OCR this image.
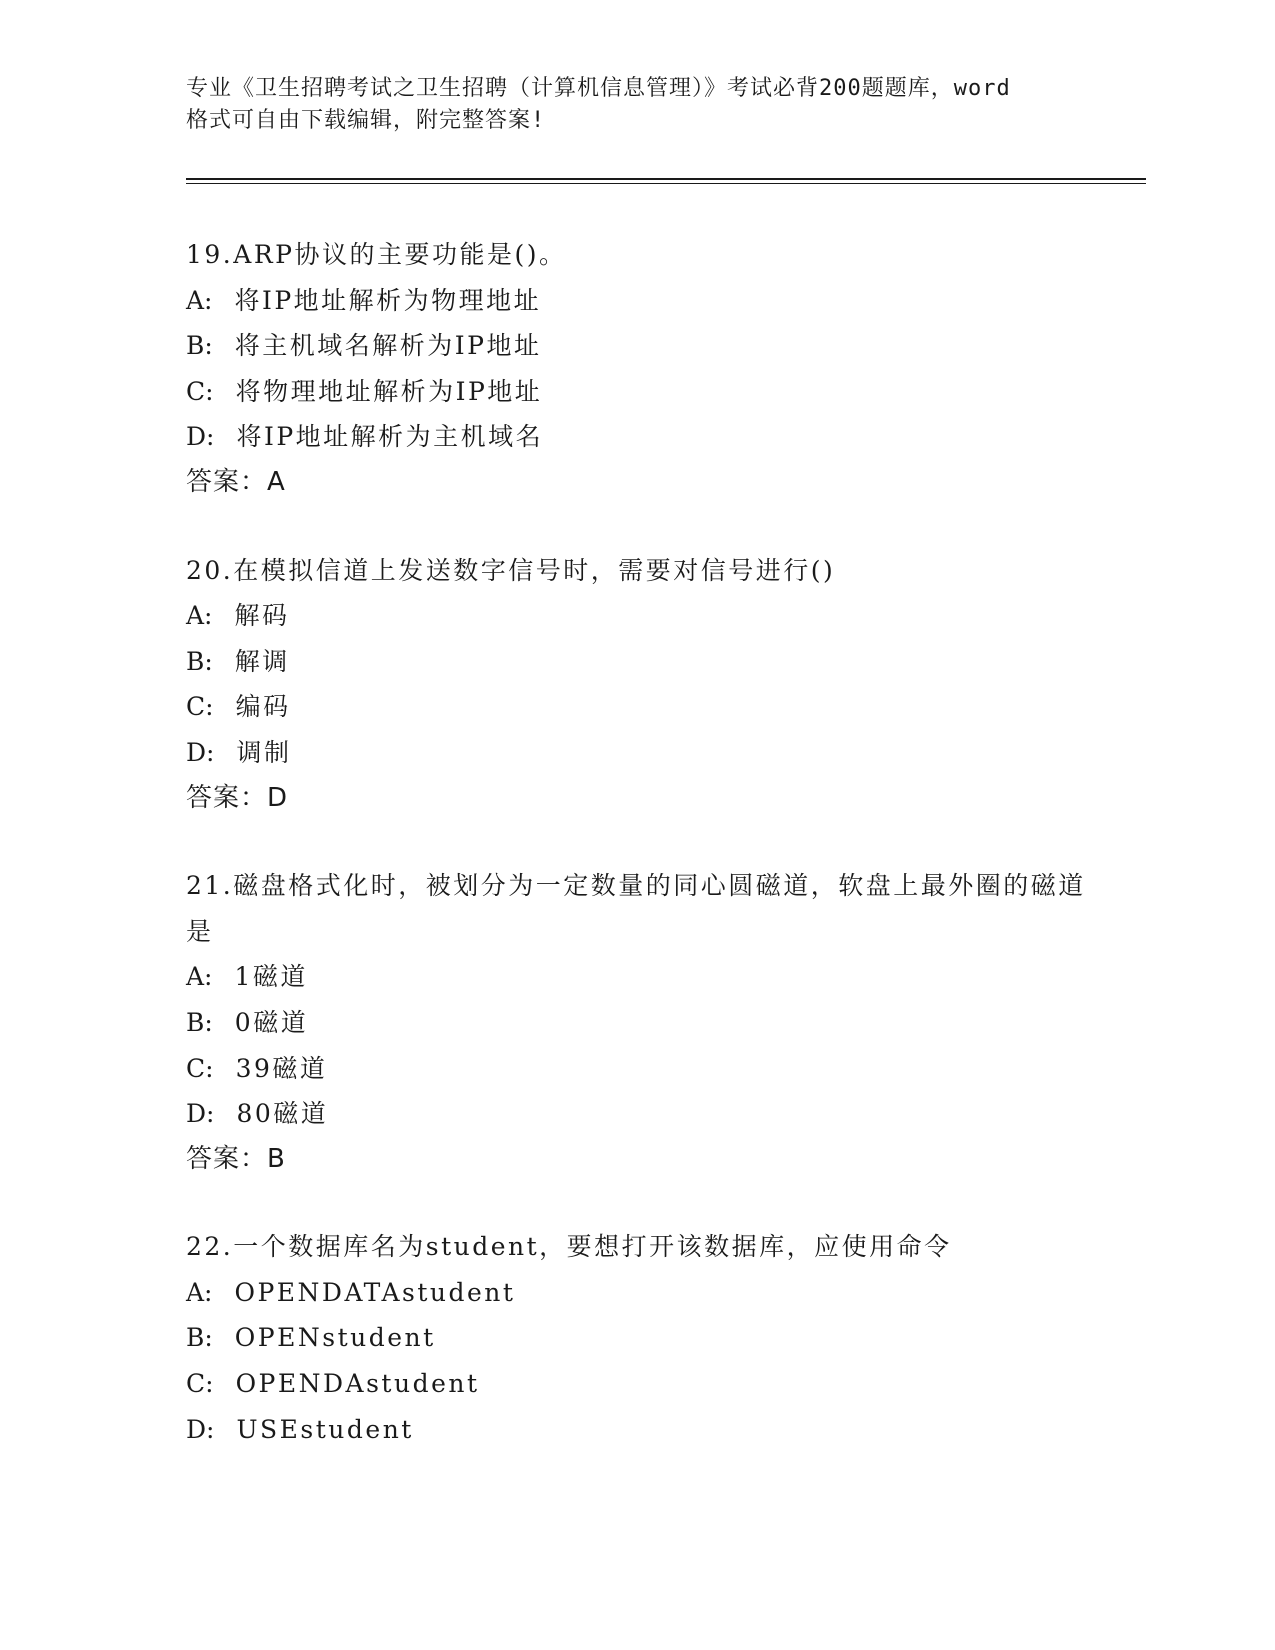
专业《卫生招聘考试之卫生招聘（计算机信息管理）》考试必背200题题库，word
格式可自由下载编辑，附完整答案!
19.ARP协议的主要功能是()。
A: 将IP地址解析为物理地址
B: 将主机域名解析为IP地址
C: 将物理地址解析为IP地址
D: 将IP地址解析为主机域名
答案：A
20.在模拟信道上发送数字信号时，需要对信号进行()
A: 解码
B: 解调
C: 编码
D: 调制
答案：D
21.磁盘格式化时，被划分为一定数量的同心圆磁道，软盘上最外圈的磁道是
A: 1磁道
B: 0磁道
C: 39磁道
D: 80磁道
答案：B
22.一个数据库名为student，要想打开该数据库，应使用命令
A: OPENDATAstudent
B: OPENstudent
C: OPENDAstudent
D: USEstudent
